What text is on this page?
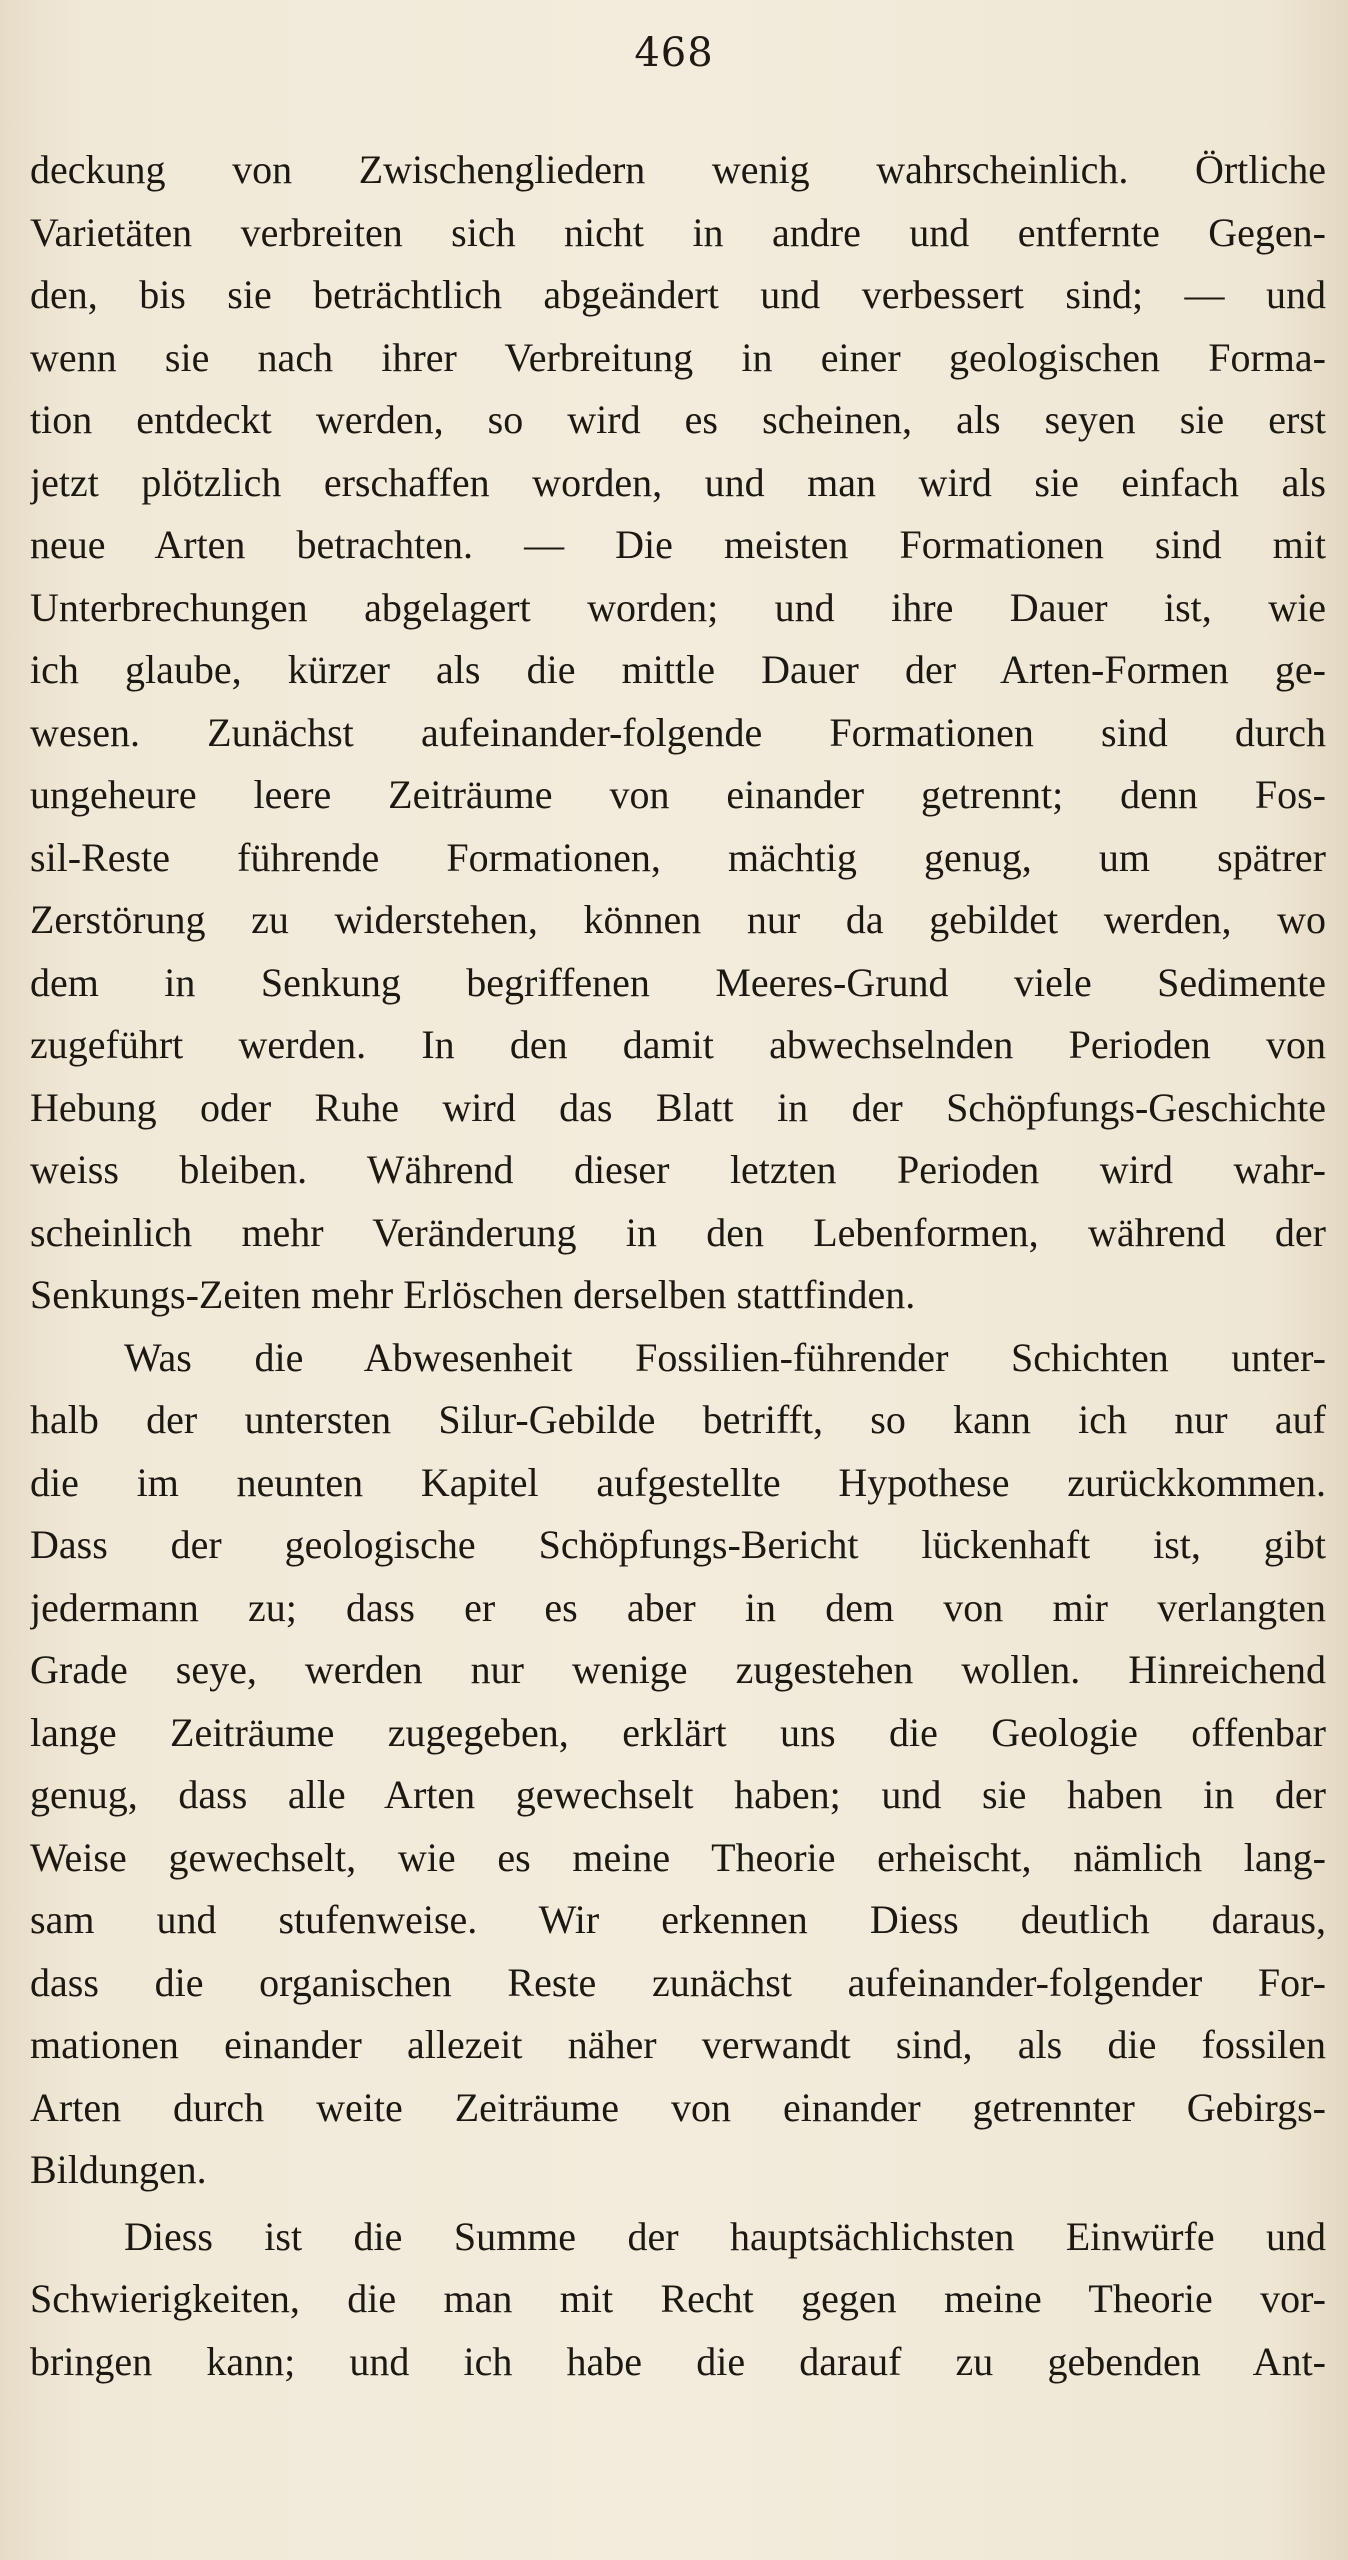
468
deckung von Zwischengliedern wenig wahrscheinlich. Örtliche
Varietäten verbreiten sich nicht in andre und entfernte Gegen-
den, bis sie beträchtlich abgeändert und verbessert sind; — und
wenn sie nach ihrer Verbreitung in einer geologischen Forma-
tion entdeckt werden, so wird es scheinen, als seyen sie erst
jetzt plötzlich erschaffen worden, und man wird sie einfach als
neue Arten betrachten. — Die meisten Formationen sind mit
Unterbrechungen abgelagert worden; und ihre Dauer ist, wie
ich glaube, kürzer als die mittle Dauer der Arten-Formen ge-
wesen. Zunächst aufeinander-folgende Formationen sind durch
ungeheure leere Zeiträume von einander getrennt; denn Fos-
sil-Reste führende Formationen, mächtig genug, um spätrer
Zerstörung zu widerstehen, können nur da gebildet werden, wo
dem in Senkung begriffenen Meeres-Grund viele Sedimente
zugeführt werden. In den damit abwechselnden Perioden von
Hebung oder Ruhe wird das Blatt in der Schöpfungs-Geschichte
weiss bleiben. Während dieser letzten Perioden wird wahr-
scheinlich mehr Veränderung in den Lebenformen, während der
Senkungs-Zeiten mehr Erlöschen derselben stattfinden.
Was die Abwesenheit Fossilien-führender Schichten unter-
halb der untersten Silur-Gebilde betrifft, so kann ich nur auf
die im neunten Kapitel aufgestellte Hypothese zurückkommen.
Dass der geologische Schöpfungs-Bericht lückenhaft ist, gibt
jedermann zu; dass er es aber in dem von mir verlangten
Grade seye, werden nur wenige zugestehen wollen. Hinreichend
lange Zeiträume zugegeben, erklärt uns die Geologie offenbar
genug, dass alle Arten gewechselt haben; und sie haben in der
Weise gewechselt, wie es meine Theorie erheischt, nämlich lang-
sam und stufenweise. Wir erkennen Diess deutlich daraus,
dass die organischen Reste zunächst aufeinander-folgender For-
mationen einander allezeit näher verwandt sind, als die fossilen
Arten durch weite Zeiträume von einander getrennter Gebirgs-
Bildungen.
Diess ist die Summe der hauptsächlichsten Einwürfe und
Schwierigkeiten, die man mit Recht gegen meine Theorie vor-
bringen kann; und ich habe die darauf zu gebenden Ant-
